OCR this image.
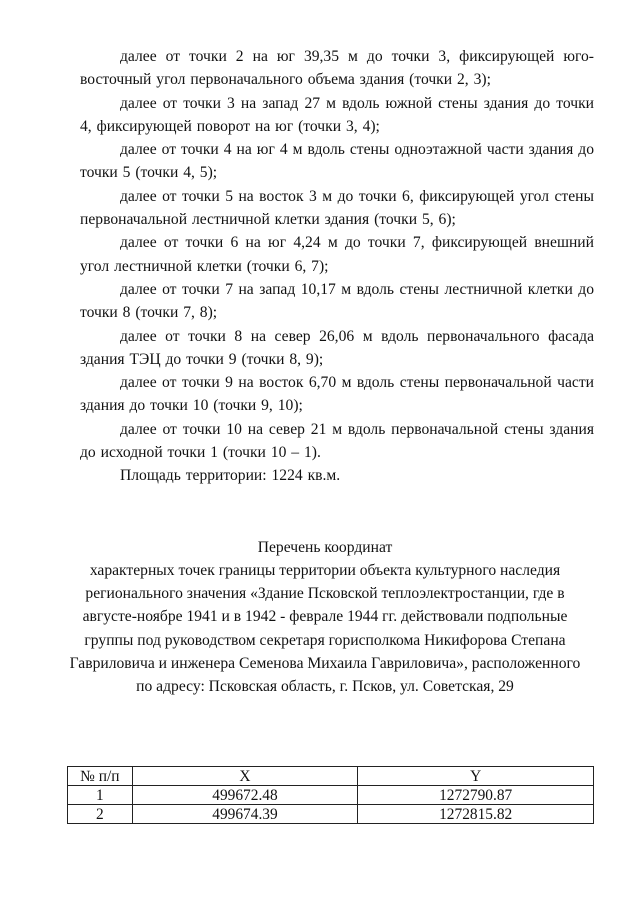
далее от точки 2 на юг 39,35 м до точки 3, фиксирующей юго-восточный угол первоначального объема здания (точки 2, 3);

далее от точки 3 на запад 27 м вдоль южной стены здания до точки 4, фиксирующей поворот на юг (точки 3, 4);

далее от точки 4 на юг 4 м вдоль стены одноэтажной части здания до точки 5 (точки 4, 5);

далее от точки 5 на восток 3 м до точки 6, фиксирующей угол стены первоначальной лестничной клетки здания (точки 5, 6);

далее от точки 6 на юг 4,24 м до точки 7, фиксирующей внешний угол лестничной клетки (точки 6, 7);

далее от точки 7 на запад 10,17 м вдоль стены лестничной клетки до точки 8 (точки 7, 8);

далее от точки 8 на север 26,06 м вдоль первоначального фасада здания ТЭЦ до точки 9 (точки 8, 9);

далее от точки 9 на восток 6,70 м вдоль стены первоначальной части здания до точки 10 (точки 9, 10);

далее от точки 10 на север 21 м вдоль первоначальной стены здания до исходной точки 1 (точки 10 – 1).

Площадь территории: 1224 кв.м.

Перечень координат

характерных точек границы территории объекта культурного наследия регионального значения «Здание Псковской теплоэлектростанции, где в августе-ноябре 1941 и в 1942 - феврале 1944 гг. действовали подпольные группы под руководством секретаря горисполкома Никифорова Степана Гавриловича и инженера Семенова Михаила Гавриловича», расположенного по адресу: Псковская область, г. Псков, ул. Советская, 29

№ п/п	X	Y
1	499672.48	1272790.87
2	499674.39	1272815.82
